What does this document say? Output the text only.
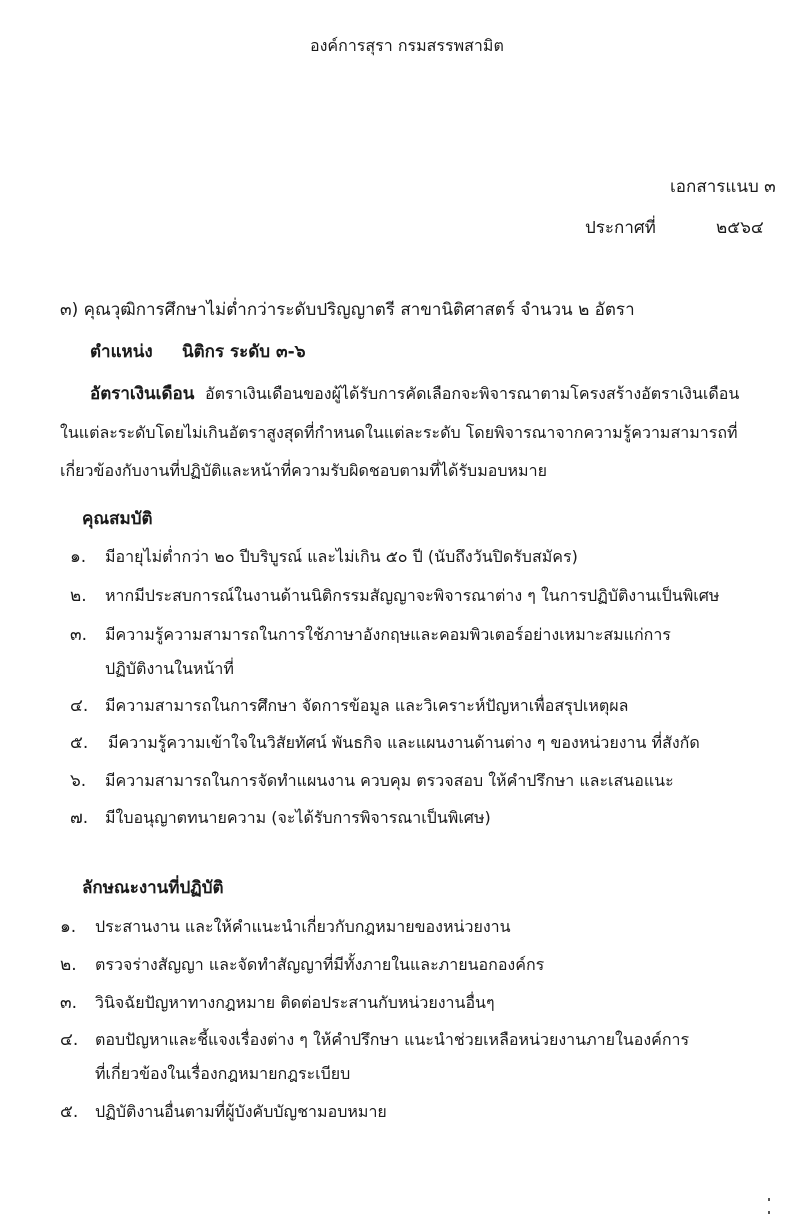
องค์การสุรา กรมสรรพสามิต
เอกสารแนบ ๓
ประกาศที่	๒๕๖๔
๓) คุณวุฒิการศึกษาไม่ต่ำกว่าระดับปริญญาตรี สาขานิติศาสตร์ จำนวน ๒ อัตรา
ตำแหน่ง นิติกร ระดับ ๓-๖
อัตราเงินเดือน อัตราเงินเดือนของผู้ได้รับการคัดเลือกจะพิจารณาตามโครงสร้างอัตราเงินเดือน
ในแต่ละระดับโดยไม่เกินอัตราสูงสุดที่กำหนดในแต่ละระดับ โดยพิจารณาจากความรู้ความสามารถที่
เกี่ยวข้องกับงานที่ปฏิบัติและหน้าที่ความรับผิดชอบตามที่ได้รับมอบหมาย
คุณสมบัติ
๑. มีอายุไม่ต่ำกว่า ๒๐ ปีบริบูรณ์ และไม่เกิน ๕๐ ปี (นับถึงวันปิดรับสมัคร)
๒. หากมีประสบการณ์ในงานด้านนิติกรรมสัญญาจะพิจารณาต่าง ๆ ในการปฏิบัติงานเป็นพิเศษ
๓. มีความรู้ความสามารถในการใช้ภาษาอังกฤษและคอมพิวเตอร์อย่างเหมาะสมแก่การ
ปฏิบัติงานในหน้าที่
๔. มีความสามารถในการศึกษา จัดการข้อมูล และวิเคราะห์ปัญหาเพื่อสรุปเหตุผล
๕. มีความรู้ความเข้าใจในวิสัยทัศน์ พันธกิจ และแผนงานด้านต่าง ๆ ของหน่วยงาน ที่สังกัด
๖. มีความสามารถในการจัดทำแผนงาน ควบคุม ตรวจสอบ ให้คำปรึกษา และเสนอแนะ
๗. มีใบอนุญาตทนายความ (จะได้รับการพิจารณาเป็นพิเศษ)
ลักษณะงานที่ปฏิบัติ
๑. ประสานงาน และให้คำแนะนำเกี่ยวกับกฎหมายของหน่วยงาน
๒. ตรวจร่างสัญญา และจัดทำสัญญาที่มีทั้งภายในและภายนอกองค์กร
๓. วินิจฉัยปัญหาทางกฎหมาย ติดต่อประสานกับหน่วยงานอื่นๆ
๔. ตอบปัญหาและชี้แจงเรื่องต่าง ๆ ให้คำปรึกษา แนะนำช่วยเหลือหน่วยงานภายในองค์การ
ที่เกี่ยวข้องในเรื่องกฎหมายกฎระเบียบ
๕. ปฏิบัติงานอื่นตามที่ผู้บังคับบัญชามอบหมาย
